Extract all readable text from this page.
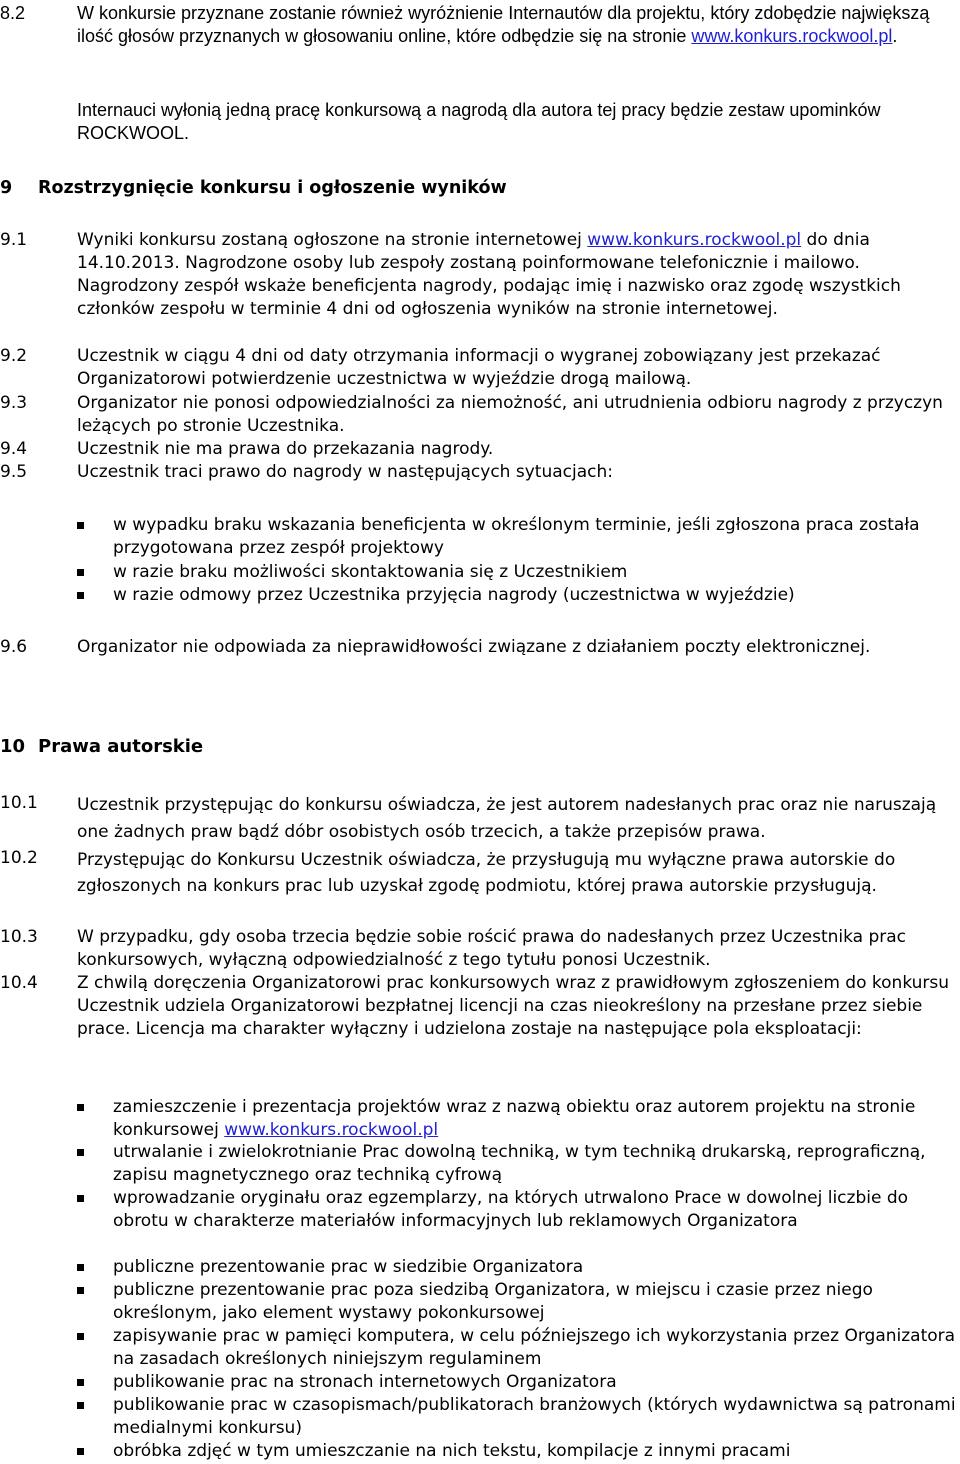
8.2	W konkursie przyznane zostanie również wyróżnienie Internautów dla projektu, który zdobędzie największą ilość głosów przyznanych w głosowaniu online, które odbędzie się na stronie www.konkurs.rockwool.pl.
Internauci wyłonią jedną pracę konkursową a nagrodą dla autora tej pracy będzie zestaw upominków ROCKWOOL.
9 Rozstrzygnięcie konkursu i ogłoszenie wyników
9.1	Wyniki konkursu zostaną ogłoszone na stronie internetowej www.konkurs.rockwool.pl do dnia 14.10.2013. Nagrodzone osoby lub zespoły zostaną poinformowane telefonicznie i mailowo. Nagrodzony zespół wskaże beneficjenta nagrody, podając imię i nazwisko oraz zgodę wszystkich członków zespołu w terminie 4 dni od ogłoszenia wyników na stronie internetowej.
9.2	Uczestnik w ciągu 4 dni od daty otrzymania informacji o wygranej zobowiązany jest przekazać Organizatorowi potwierdzenie uczestnictwa w wyjeździe drogą mailową.
9.3	Organizator nie ponosi odpowiedzialności za niemożność, ani utrudnienia odbioru nagrody z przyczyn leżących po stronie Uczestnika.
9.4	Uczestnik nie ma prawa do przekazania nagrody.
9.5	Uczestnik traci prawo do nagrody w następujących sytuacjach:
w wypadku braku wskazania beneficjenta w określonym terminie, jeśli zgłoszona praca została przygotowana przez zespół projektowy
w razie braku możliwości skontaktowania się z Uczestnikiem
w razie odmowy przez Uczestnika przyjęcia nagrody (uczestnictwa w wyjeździe)
9.6	Organizator nie odpowiada za nieprawidłowości związane z działaniem poczty elektronicznej.
10 Prawa autorskie
10.1 Uczestnik przystępując do konkursu oświadcza, że jest autorem nadesłanych prac oraz nie naruszają one żadnych praw bądź dóbr osobistych osób trzecich, a także przepisów prawa.
10.2 Przystępując do Konkursu Uczestnik oświadcza, że przysługują mu wyłączne prawa autorskie do zgłoszonych na konkurs prac lub uzyskał zgodę podmiotu, której prawa autorskie przysługują.
10.3 W przypadku, gdy osoba trzecia będzie sobie rościć prawa do nadesłanych przez Uczestnika prac konkursowych, wyłączną odpowiedzialność z tego tytułu ponosi Uczestnik.
10.4 Z chwilą doręczenia Organizatorowi prac konkursowych wraz z prawidłowym zgłoszeniem do konkursu Uczestnik udziela Organizatorowi bezpłatnej licencji na czas nieokreślony na przesłane przez siebie prace. Licencja ma charakter wyłączny i udzielona zostaje na następujące pola eksploatacji:
zamieszczenie i prezentacja projektów wraz z nazwą obiektu oraz autorem projektu na stronie konkursowej www.konkurs.rockwool.pl
utrwalanie i zwielokrotnianie Prac dowolną techniką, w tym techniką drukarską, reprograficzną, zapisu magnetycznego oraz techniką cyfrową
wprowadzanie oryginału oraz egzemplarzy, na których utrwalono Prace w dowolnej liczbie do obrotu w charakterze materiałów informacyjnych lub reklamowych Organizatora
publiczne prezentowanie prac w siedzibie Organizatora
publiczne prezentowanie prac poza siedzibą Organizatora, w miejscu i czasie przez niego określonym, jako element wystawy pokonkursowej
zapisywanie prac w pamięci komputera, w celu późniejszego ich wykorzystania przez Organizatora na zasadach określonych niniejszym regulaminem
publikowanie prac na stronach internetowych Organizatora
publikowanie prac w czasopismach/publikatorach branżowych (których wydawnictwa są patronami medialnymi konkursu)
obróbka zdjęć w tym umieszczanie na nich tekstu, kompilacje z innymi pracami
